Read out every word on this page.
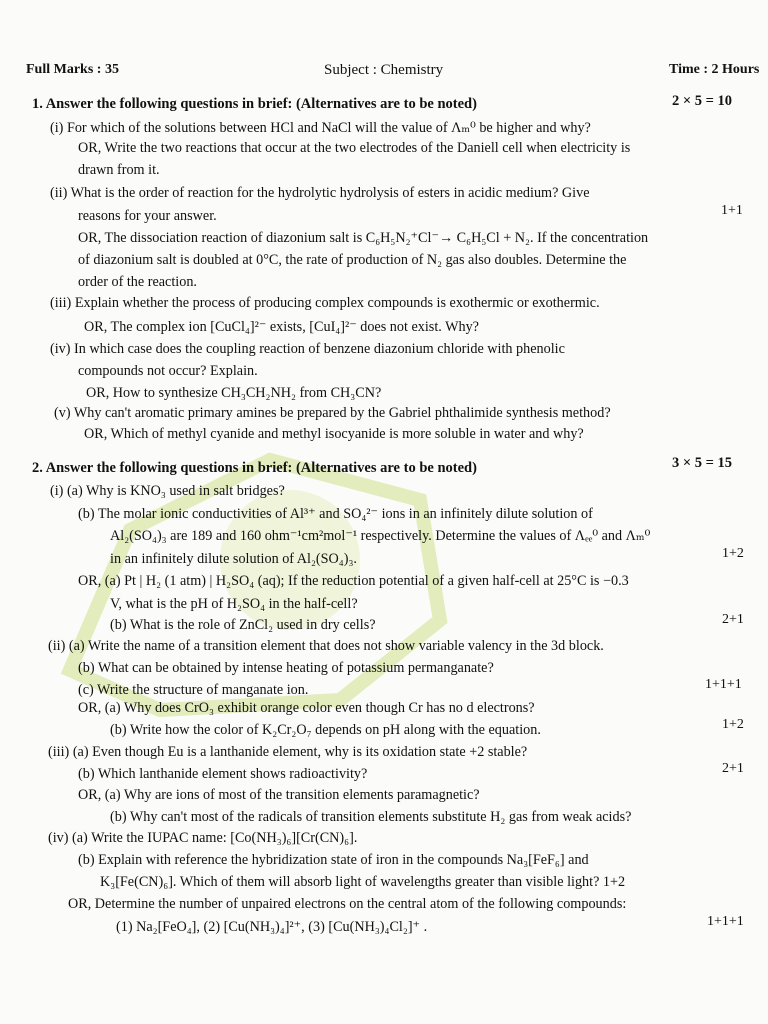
Full Marks : 35	Subject : Chemistry	Time : 2 Hours
1. Answer the following questions in brief: (Alternatives are to be noted)	2 × 5 = 10
(i) For which of the solutions between HCl and NaCl will the value of Λₘ⁰ be higher and why?
OR, Write the two reactions that occur at the two electrodes of the Daniell cell when electricity is
drawn from it.
(ii) What is the order of reaction for the hydrolytic hydrolysis of esters in acidic medium? Give
reasons for your answer.	1+1
OR, The dissociation reaction of diazonium salt is C₆H₅N₂⁺Cl⁻→ C₆H₅Cl + N₂. If the concentration
of diazonium salt is doubled at 0°C, the rate of production of N₂ gas also doubles. Determine the
order of the reaction.
(iii) Explain whether the process of producing complex compounds is exothermic or exothermic.
OR, The complex ion [CuCl₄]²⁻ exists, [CuI₄]²⁻ does not exist. Why?
(iv) In which case does the coupling reaction of benzene diazonium chloride with phenolic
compounds not occur? Explain.
OR, How to synthesize CH₃CH₂NH₂ from CH₃CN?
(v) Why can't aromatic primary amines be prepared by the Gabriel phthalimide synthesis method?
OR, Which of methyl cyanide and methyl isocyanide is more soluble in water and why?
2. Answer the following questions in brief: (Alternatives are to be noted)	3 × 5 = 15
(i) (a) Why is KNO₃ used in salt bridges?
(b) The molar ionic conductivities of Al³⁺ and SO₄²⁻ ions in an infinitely dilute solution of
Al₂(SO₄)₃ are 189 and 160 ohm⁻¹cm²mol⁻¹ respectively. Determine the values of Λₑₑ⁰ and Λₘ⁰
in an infinitely dilute solution of Al₂(SO₄)₃.	1+2
OR, (a) Pt | H₂ (1 atm) | H₂SO₄ (aq); If the reduction potential of a given half-cell at 25°C is −0.3
V, what is the pH of H₂SO₄ in the half-cell?
(b) What is the role of ZnCl₂ used in dry cells?	2+1
(ii) (a) Write the name of a transition element that does not show variable valency in the 3d block.
(b) What can be obtained by intense heating of potassium permanganate?
(c) Write the structure of manganate ion.	1+1+1
OR, (a) Why does CrO₃ exhibit orange color even though Cr has no d electrons?
(b) Write how the color of K₂Cr₂O₇ depends on pH along with the equation.	1+2
(iii) (a) Even though Eu is a lanthanide element, why is its oxidation state +2 stable?
(b) Which lanthanide element shows radioactivity?	2+1
OR, (a) Why are ions of most of the transition elements paramagnetic?
(b) Why can't most of the radicals of transition elements substitute H₂ gas from weak acids?
(iv) (a) Write the IUPAC name: [Co(NH₃)₆][Cr(CN)₆].
(b) Explain with reference the hybridization state of iron in the compounds Na₃[FeF₆] and
K₃[Fe(CN)₆]. Which of them will absorb light of wavelengths greater than visible light? 1+2
OR, Determine the number of unpaired electrons on the central atom of the following compounds:
(1) Na₂[FeO₄], (2) [Cu(NH₃)₄]²⁺, (3) [Cu(NH₃)₄Cl₂]⁺ .	1+1+1
